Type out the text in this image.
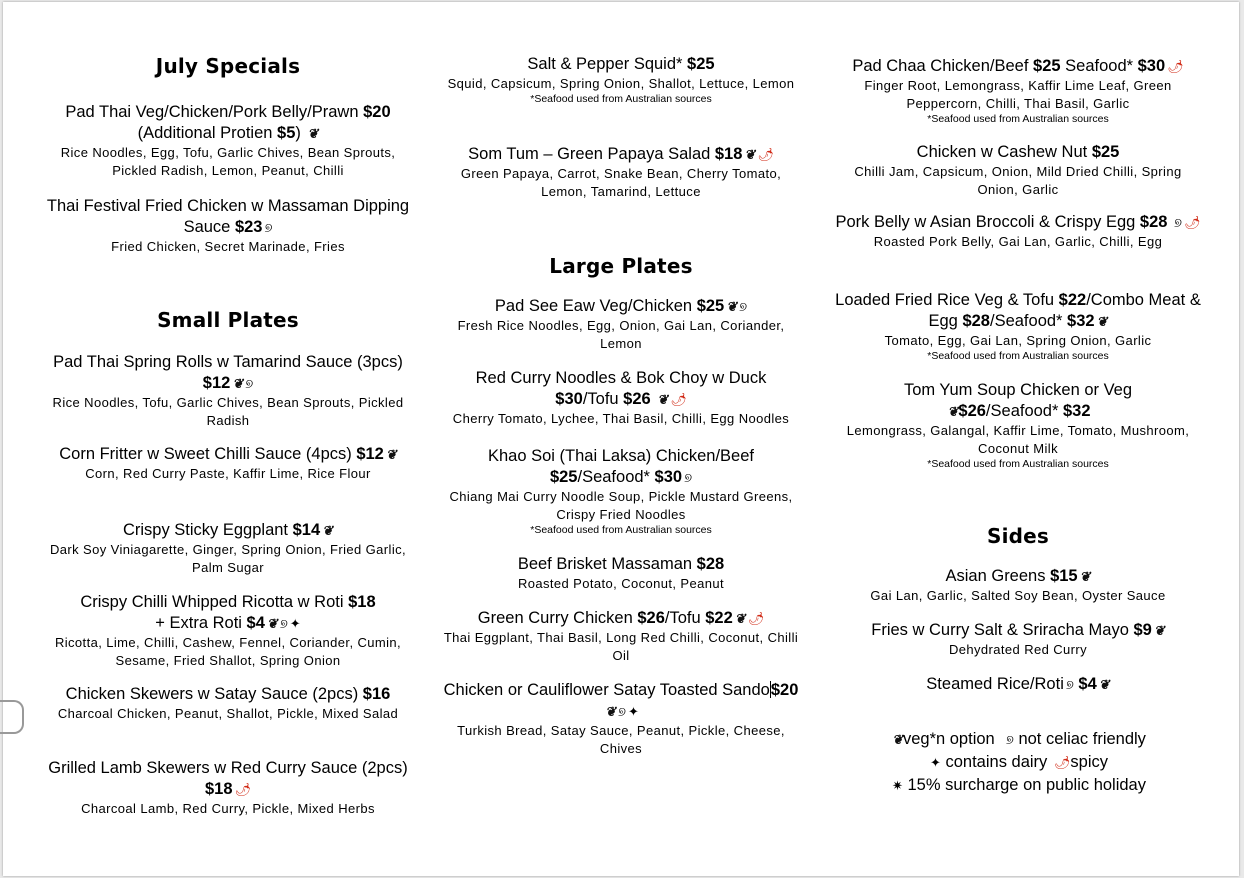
July Specials
Pad Thai Veg/Chicken/Pork Belly/Prawn $20
(Additional Protien $5) ❦
Rice Noodles, Egg, Tofu, Garlic Chives, Bean Sprouts, Pickled Radish, Lemon, Peanut, Chilli
Thai Festival Fried Chicken w Massaman Dipping Sauce $23 ୭
Fried Chicken, Secret Marinade, Fries
Small Plates
Pad Thai Spring Rolls w Tamarind Sauce (3pcs) $12 ❦ ୭
Rice Noodles, Tofu, Garlic Chives, Bean Sprouts, Pickled Radish
Corn Fritter w Sweet Chilli Sauce (4pcs) $12 ❦
Corn, Red Curry Paste, Kaffir Lime, Rice Flour
Crispy Sticky Eggplant $14 ❦
Dark Soy Viniagarette, Ginger, Spring Onion, Fried Garlic, Palm Sugar
Crispy Chilli Whipped Ricotta w Roti $18
+ Extra Roti $4 ❦ ୭ ✦
Ricotta, Lime, Chilli, Cashew, Fennel, Coriander, Cumin, Sesame, Fried Shallot, Spring Onion
Chicken Skewers w Satay Sauce (2pcs) $16
Charcoal Chicken, Peanut, Shallot, Pickle, Mixed Salad
Grilled Lamb Skewers w Red Curry Sauce (2pcs) $18 🌶
Charcoal Lamb, Red Curry, Pickle, Mixed Herbs
Salt & Pepper Squid* $25
Squid, Capsicum, Spring Onion, Shallot, Lettuce, Lemon
*Seafood used from Australian sources
Som Tum – Green Papaya Salad $18 ❦ 🌶
Green Papaya, Carrot, Snake Bean, Cherry Tomato, Lemon, Tamarind, Lettuce
Large Plates
Pad See Eaw Veg/Chicken $25 ❦ ୭
Fresh Rice Noodles, Egg, Onion, Gai Lan, Coriander, Lemon
Red Curry Noodles & Bok Choy w Duck
$30/Tofu $26 ❦ 🌶
Cherry Tomato, Lychee, Thai Basil, Chilli, Egg Noodles
Khao Soi (Thai Laksa) Chicken/Beef
$25/Seafood* $30 ୭
Chiang Mai Curry Noodle Soup, Pickle Mustard Greens, Crispy Fried Noodles
*Seafood used from Australian sources
Beef Brisket Massaman $28
Roasted Potato, Coconut, Peanut
Green Curry Chicken $26/Tofu $22 ❦ 🌶
Thai Eggplant, Thai Basil, Long Red Chilli, Coconut, Chilli Oil
Chicken or Cauliflower Satay Toasted Sando$20❦ ୭ ✦
Turkish Bread, Satay Sauce, Peanut, Pickle, Cheese, Chives
Pad Chaa Chicken/Beef $25 Seafood* $30 🌶
Finger Root, Lemongrass, Kaffir Lime Leaf, Green Peppercorn, Chilli, Thai Basil, Garlic
*Seafood used from Australian sources
Chicken w Cashew Nut $25
Chilli Jam, Capsicum, Onion, Mild Dried Chilli, Spring Onion, Garlic
Pork Belly w Asian Broccoli & Crispy Egg $28 ୭ 🌶
Roasted Pork Belly, Gai Lan, Garlic, Chilli, Egg
Loaded Fried Rice Veg & Tofu $22/Combo Meat & Egg $28/Seafood* $32 ❦
Tomato, Egg, Gai Lan, Spring Onion, Garlic
*Seafood used from Australian sources
Tom Yum Soup Chicken or Veg
❦$26/Seafood* $32
Lemongrass, Galangal, Kaffir Lime, Tomato, Mushroom, Coconut Milk
*Seafood used from Australian sources
Sides
Asian Greens $15 ❦
Gai Lan, Garlic, Salted Soy Bean, Oyster Sauce
Fries w Curry Salt & Sriracha Mayo $9 ❦
Dehydrated Red Curry
Steamed Rice/Roti ୭ $4 ❦
❦veg*n option ୭ not celiac friendly
✦ contains dairy 🌶spicy
✷ 15% surcharge on public holiday
